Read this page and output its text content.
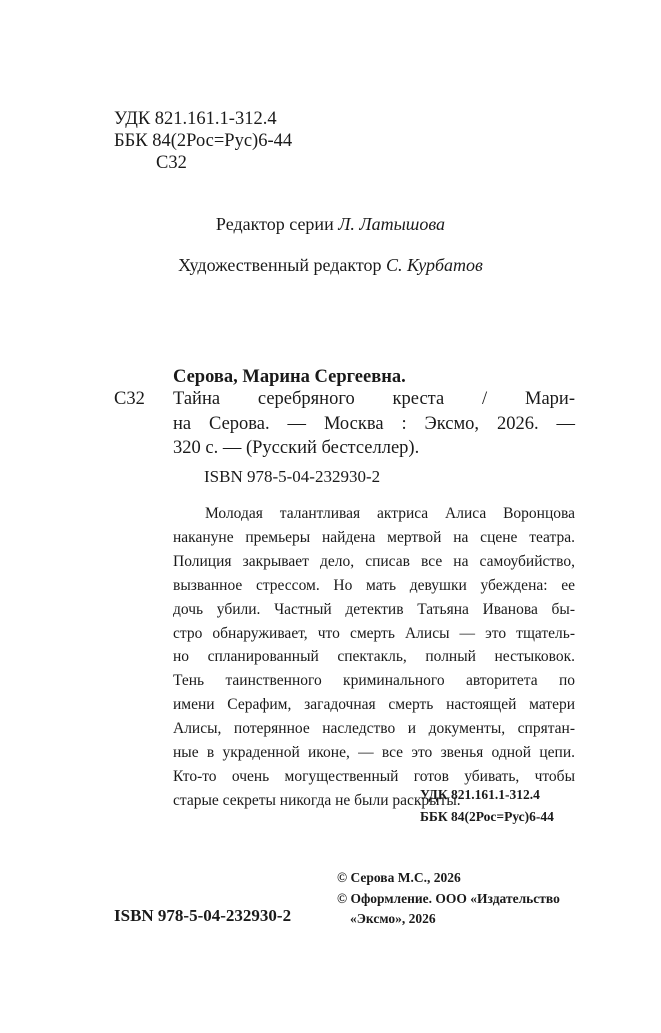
УДК 821.161.1-312.4
ББК 84(2Рос=Рус)6-44
С32
Редактор серии Л. Латышова
Художественный редактор С. Курбатов
Серова, Марина Сергеевна.
С32 Тайна серебряного креста / Мари-
на Серова. — Москва : Эксмо, 2026. —
320 с. — (Русский бестселлер).
ISBN 978-5-04-232930-2
Молодая талантливая актриса Алиса Воронцова
накануне премьеры найдена мертвой на сцене театра.
Полиция закрывает дело, списав все на самоубийство,
вызванное стрессом. Но мать девушки убеждена: ее
дочь убили. Частный детектив Татьяна Иванова бы-
стро обнаруживает, что смерть Алисы — это тщатель-
но спланированный спектакль, полный нестыковок.
Тень таинственного криминального авторитета по
имени Серафим, загадочная смерть настоящей матери
Алисы, потерянное наследство и документы, спрятан-
ные в украденной иконе, — все это звенья одной цепи.
Кто-то очень могущественный готов убивать, чтобы
старые секреты никогда не были раскрыты.
УДК 821.161.1-312.4
ББК 84(2Рос=Рус)6-44
© Серова М.С., 2026
© Оформление. ООО «Издательство
«Эксмо», 2026
ISBN 978-5-04-232930-2
